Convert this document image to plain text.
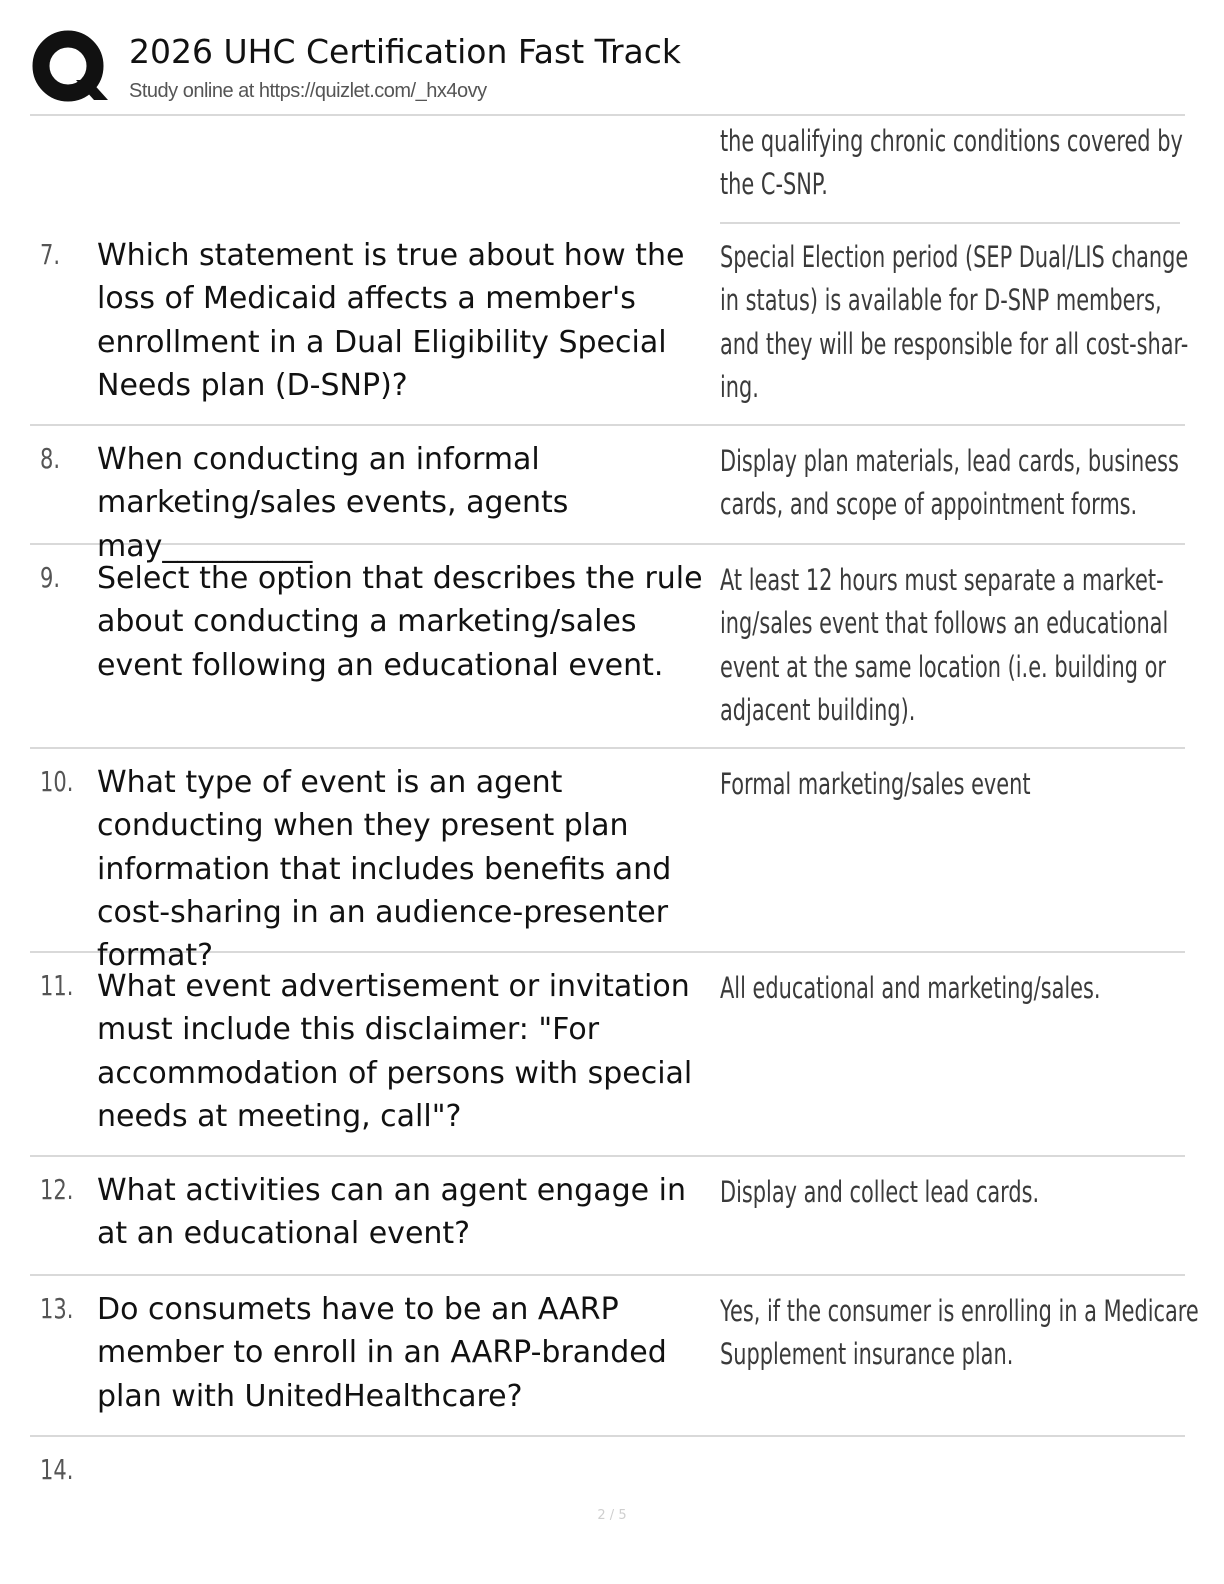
2026 UHC Certification Fast Track
Study online at https://quizlet.com/_hx4ovy
the qualifying chronic conditions covered by
the C-SNP.
7. Which statement is true about how the loss of Medicaid affects a member's enrollment in a Dual Eligibility Special Needs plan (D-SNP)?
Special Election period (SEP Dual/LIS change
in status) is available for D-SNP members,
and they will be responsible for all cost-shar-
ing.
8. When conducting an informal marketing/sales events, agents may__________
Display plan materials, lead cards, business
cards, and scope of appointment forms.
9. Select the option that describes the rule about conducting a marketing/sales event following an educational event.
At least 12 hours must separate a market-
ing/sales event that follows an educational
event at the same location (i.e. building or
adjacent building).
10. What type of event is an agent conducting when they present plan information that includes benefits and cost-sharing in an audience-presenter format?
Formal marketing/sales event
11. What event advertisement or invitation must include this disclaimer: "For accommodation of persons with special needs at meeting, call"?
All educational and marketing/sales.
12. What activities can an agent engage in at an educational event?
Display and collect lead cards.
13. Do consumets have to be an AARP member to enroll in an AARP-branded plan with UnitedHealthcare?
Yes, if the consumer is enrolling in a Medicare
Supplement insurance plan.
14.
2 / 5
